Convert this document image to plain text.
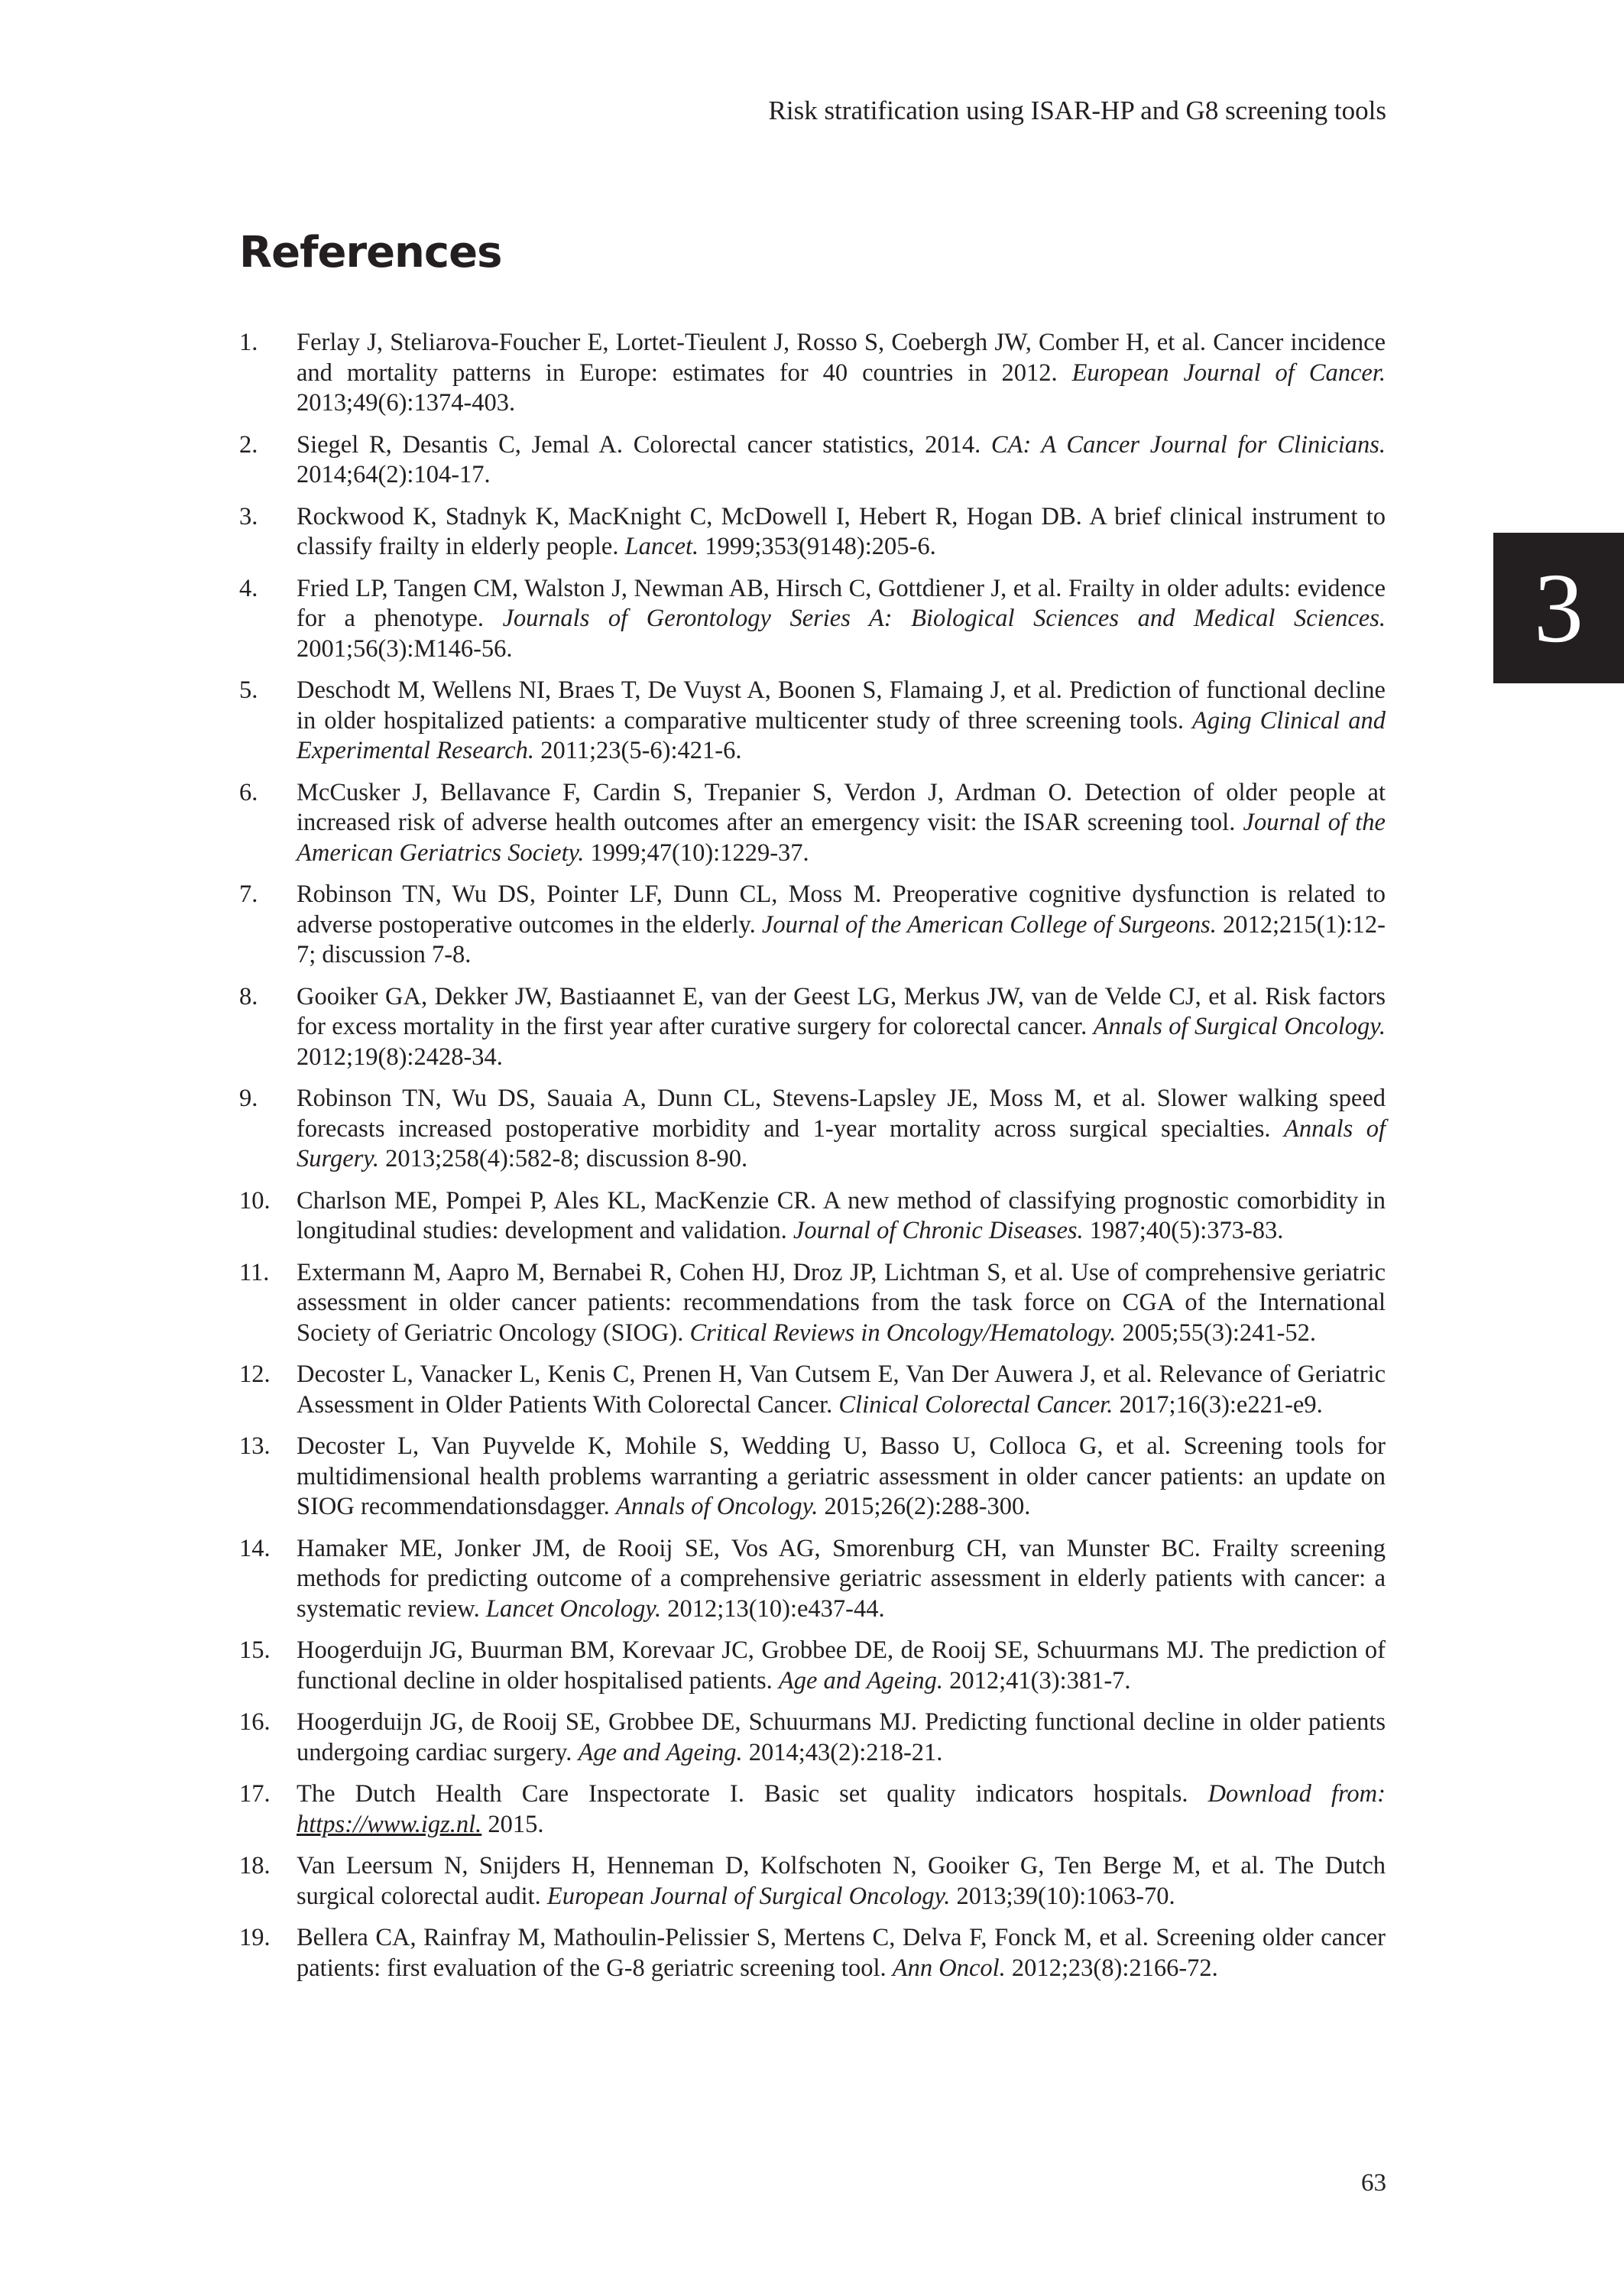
Risk stratification using ISAR-HP and G8 screening tools
References
3
1. Ferlay J, Steliarova-Foucher E, Lortet-Tieulent J, Rosso S, Coebergh JW, Comber H, et al. Cancer incidence and mortality patterns in Europe: estimates for 40 countries in 2012. European Journal of Cancer. 2013;49(6):1374-403.
2. Siegel R, Desantis C, Jemal A. Colorectal cancer statistics, 2014. CA: A Cancer Journal for Clinicians. 2014;64(2):104-17.
3. Rockwood K, Stadnyk K, MacKnight C, McDowell I, Hebert R, Hogan DB. A brief clinical instrument to classify frailty in elderly people. Lancet. 1999;353(9148):205-6.
4. Fried LP, Tangen CM, Walston J, Newman AB, Hirsch C, Gottdiener J, et al. Frailty in older adults: evidence for a phenotype. Journals of Gerontology Series A: Biological Sciences and Medical Sciences. 2001;56(3):M146-56.
5. Deschodt M, Wellens NI, Braes T, De Vuyst A, Boonen S, Flamaing J, et al. Prediction of functional decline in older hospitalized patients: a comparative multicenter study of three screening tools. Aging Clinical and Experimental Research. 2011;23(5-6):421-6.
6. McCusker J, Bellavance F, Cardin S, Trepanier S, Verdon J, Ardman O. Detection of older people at increased risk of adverse health outcomes after an emergency visit: the ISAR screening tool. Journal of the American Geriatrics Society. 1999;47(10):1229-37.
7. Robinson TN, Wu DS, Pointer LF, Dunn CL, Moss M. Preoperative cognitive dysfunction is related to adverse postoperative outcomes in the elderly. Journal of the American College of Surgeons. 2012;215(1):12-7; discussion 7-8.
8. Gooiker GA, Dekker JW, Bastiaannet E, van der Geest LG, Merkus JW, van de Velde CJ, et al. Risk factors for excess mortality in the first year after curative surgery for colorectal cancer. Annals of Surgical Oncology. 2012;19(8):2428-34.
9. Robinson TN, Wu DS, Sauaia A, Dunn CL, Stevens-Lapsley JE, Moss M, et al. Slower walking speed forecasts increased postoperative morbidity and 1-year mortality across surgical specialties. Annals of Surgery. 2013;258(4):582-8; discussion 8-90.
10. Charlson ME, Pompei P, Ales KL, MacKenzie CR. A new method of classifying prognostic comorbidity in longitudinal studies: development and validation. Journal of Chronic Diseases. 1987;40(5):373-83.
11. Extermann M, Aapro M, Bernabei R, Cohen HJ, Droz JP, Lichtman S, et al. Use of comprehensive geriatric assessment in older cancer patients: recommendations from the task force on CGA of the International Society of Geriatric Oncology (SIOG). Critical Reviews in Oncology/Hematology. 2005;55(3):241-52.
12. Decoster L, Vanacker L, Kenis C, Prenen H, Van Cutsem E, Van Der Auwera J, et al. Relevance of Geriatric Assessment in Older Patients With Colorectal Cancer. Clinical Colorectal Cancer. 2017;16(3):e221-e9.
13. Decoster L, Van Puyvelde K, Mohile S, Wedding U, Basso U, Colloca G, et al. Screening tools for multidimensional health problems warranting a geriatric assessment in older cancer patients: an update on SIOG recommendationsdagger. Annals of Oncology. 2015;26(2):288-300.
14. Hamaker ME, Jonker JM, de Rooij SE, Vos AG, Smorenburg CH, van Munster BC. Frailty screening methods for predicting outcome of a comprehensive geriatric assessment in elderly patients with cancer: a systematic review. Lancet Oncology. 2012;13(10):e437-44.
15. Hoogerduijn JG, Buurman BM, Korevaar JC, Grobbee DE, de Rooij SE, Schuurmans MJ. The prediction of functional decline in older hospitalised patients. Age and Ageing. 2012;41(3):381-7.
16. Hoogerduijn JG, de Rooij SE, Grobbee DE, Schuurmans MJ. Predicting functional decline in older patients undergoing cardiac surgery. Age and Ageing. 2014;43(2):218-21.
17. The Dutch Health Care Inspectorate I. Basic set quality indicators hospitals. Download from: https://www.igz.nl. 2015.
18. Van Leersum N, Snijders H, Henneman D, Kolfschoten N, Gooiker G, Ten Berge M, et al. The Dutch surgical colorectal audit. European Journal of Surgical Oncology. 2013;39(10):1063-70.
19. Bellera CA, Rainfray M, Mathoulin-Pelissier S, Mertens C, Delva F, Fonck M, et al. Screening older cancer patients: first evaluation of the G-8 geriatric screening tool. Ann Oncol. 2012;23(8):2166-72.
63
